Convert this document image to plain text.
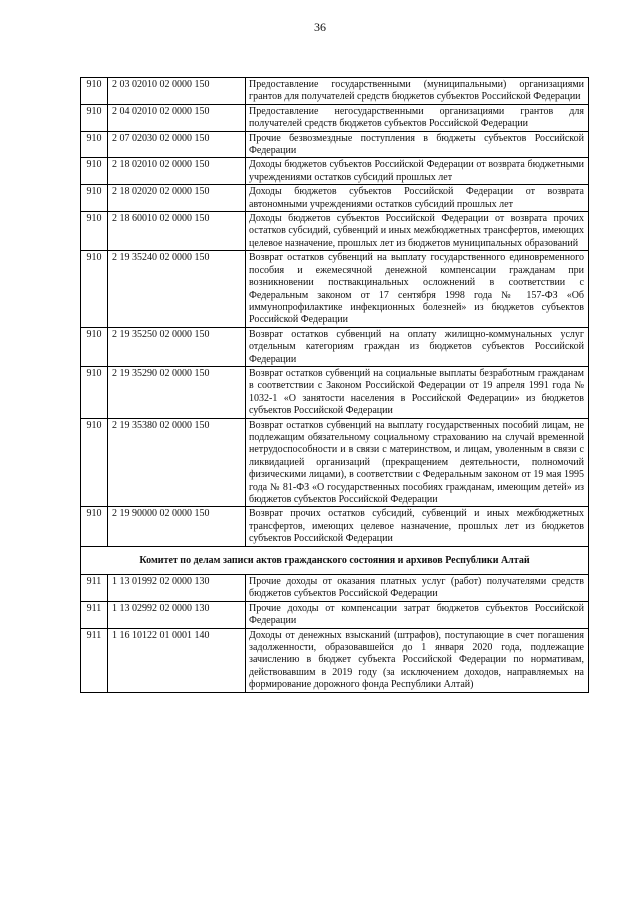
36
910	2 03 02010 02 0000 150	Предоставление государственными (муниципальными) организациями грантов для получателей средств бюджетов субъектов Российской Федерации
910	2 04 02010 02 0000 150	Предоставление негосударственными организациями грантов для получателей средств бюджетов субъектов Российской Федерации
910	2 07 02030 02 0000 150	Прочие безвозмездные поступления в бюджеты субъектов Российской Федерации
910	2 18 02010 02 0000 150	Доходы бюджетов субъектов Российской Федерации от возврата бюджетными учреждениями остатков субсидий прошлых лет
910	2 18 02020 02 0000 150	Доходы бюджетов субъектов Российской Федерации от возврата автономными учреждениями остатков субсидий прошлых лет
910	2 18 60010 02 0000 150	Доходы бюджетов субъектов Российской Федерации от возврата прочих остатков субсидий, субвенций и иных межбюджетных трансфертов, имеющих целевое назначение, прошлых лет из бюджетов муниципальных образований
910	2 19 35240 02 0000 150	Возврат остатков субвенций на выплату государственного единовременного пособия и ежемесячной денежной компенсации гражданам при возникновении поствакцинальных осложнений в соответствии с Федеральным законом от 17 сентября 1998 года № 157-ФЗ «Об иммунопрофилактике инфекционных болезней» из бюджетов субъектов Российской Федерации
910	2 19 35250 02 0000 150	Возврат остатков субвенций на оплату жилищно-коммунальных услуг отдельным категориям граждан из бюджетов субъектов Российской Федерации
910	2 19 35290 02 0000 150	Возврат остатков субвенций на социальные выплаты безработным гражданам в соответствии с Законом Российской Федерации от 19 апреля 1991 года № 1032-1 «О занятости населения в Российской Федерации» из бюджетов субъектов Российской Федерации
910	2 19 35380 02 0000 150	Возврат остатков субвенций на выплату государственных пособий лицам, не подлежащим обязательному социальному страхованию на случай временной нетрудоспособности и в связи с материнством, и лицам, уволенным в связи с ликвидацией организаций (прекращением деятельности, полномочий физическими лицами), в соответствии с Федеральным законом от 19 мая 1995 года № 81-ФЗ «О государственных пособиях гражданам, имеющим детей» из бюджетов субъектов Российской Федерации
910	2 19 90000 02 0000 150	Возврат прочих остатков субсидий, субвенций и иных межбюджетных трансфертов, имеющих целевое назначение, прошлых лет из бюджетов субъектов Российской Федерации
Комитет по делам записи актов гражданского состояния и архивов Республики Алтай		
911	1 13 01992 02 0000 130	Прочие доходы от оказания платных услуг (работ) получателями средств бюджетов субъектов Российской Федерации
911	1 13 02992 02 0000 130	Прочие доходы от компенсации затрат бюджетов субъектов Российской Федерации
911	1 16 10122 01 0001 140	Доходы от денежных взысканий (штрафов), поступающие в счет погашения задолженности, образовавшейся до 1 января 2020 года, подлежащие зачислению в бюджет субъекта Российской Федерации по нормативам, действовавшим в 2019 году (за исключением доходов, направляемых на формирование дорожного фонда Республики Алтай)
